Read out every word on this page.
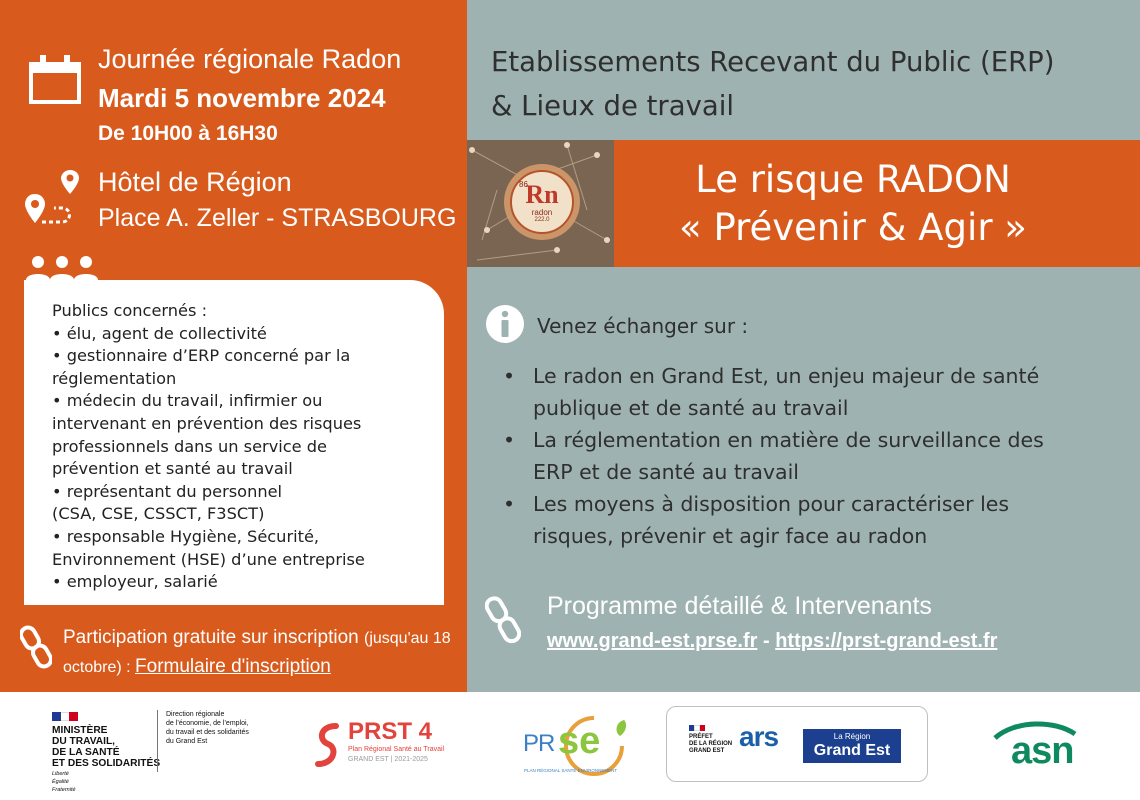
Journée régionale Radon
Mardi 5 novembre 2024
De 10H00 à 16H30
Hôtel de Région
Place A. Zeller - STRASBOURG
Publics concernés :
• élu, agent de collectivité
• gestionnaire d’ERP concerné par la
réglementation
• médecin du travail, infirmier ou
intervenant en prévention des risques
professionnels dans un service de
prévention et santé au travail
• représentant du personnel
(CSA, CSE, CSSCT, F3SCT)
• responsable Hygiène, Sécurité,
Environnement (HSE) d’une entreprise
• employeur, salarié
Participation gratuite sur inscription (jusqu'au 18 octobre) : Formulaire d'inscription
Etablissements Recevant du Public (ERP)
& Lieux de travail
Rn
86
radon
222.0
Le risque RADON
« Prévenir & Agir »
Venez échanger sur :
• Le radon en Grand Est, un enjeu majeur de santé
publique et de santé au travail
• La réglementation en matière de surveillance des
ERP et de santé au travail
• Les moyens à disposition pour caractériser les
risques, prévenir et agir face au radon
Programme détaillé & Intervenants
www.grand-est.prse.fr - https://prst-grand-est.fr
MINISTÈRE
DU TRAVAIL,
DE LA SANTÉ
ET DES SOLIDARITÉS
Liberté
Égalité
Fraternité
Direction régionale
de l’économie, de l’emploi,
du travail et des solidarités
du Grand Est	PRST 4
Plan Régional Santé au Travail
GRAND EST | 2021-2025
PR se
PLAN RÉGIONAL SANTÉ ENVIRONNEMENT
PRÉFET
DE LA RÉGION
GRAND EST ars	La Région
Grand Est	asn
